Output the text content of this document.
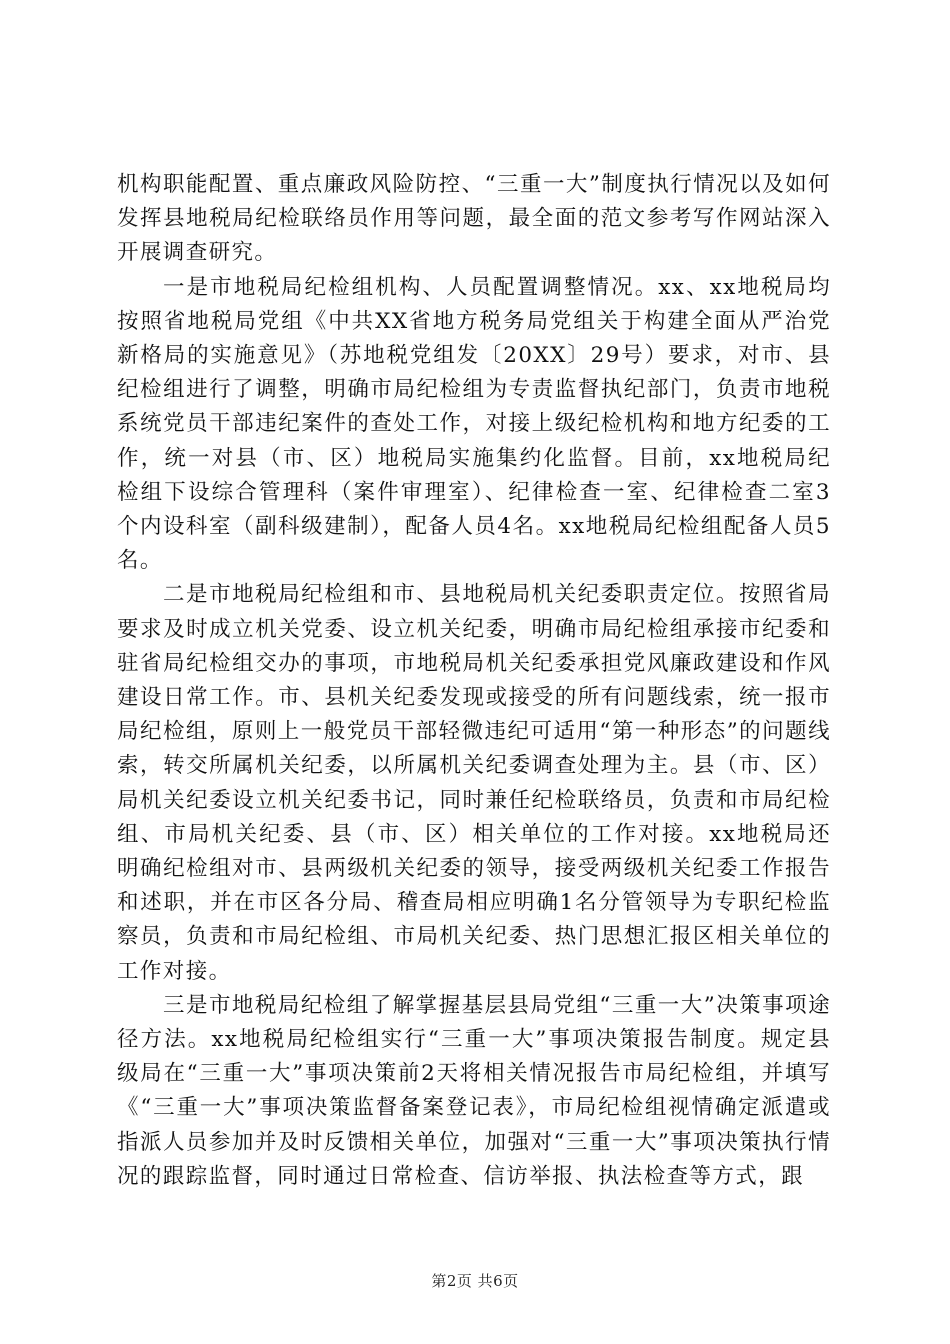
机构职能配置、重点廉政风险防控、“三重一大”制度执行情况以及如何发挥县地税局纪检联络员作用等问题，最全面的范文参考写作网站深入开展调查研究。

一是市地税局纪检组机构、人员配置调整情况。xx、xx地税局均按照省地税局党组《中共XX省地方税务局党组关于构建全面从严治党新格局的实施意见》（苏地税党组发〔20XX〕29号）要求，对市、县纪检组进行了调整，明确市局纪检组为专责监督执纪部门，负责市地税系统党员干部违纪案件的查处工作，对接上级纪检机构和地方纪委的工作，统一对县（市、区）地税局实施集约化监督。目前，xx地税局纪检组下设综合管理科（案件审理室）、纪律检查一室、纪律检查二室3个内设科室（副科级建制），配备人员4名。xx地税局纪检组配备人员5名。

二是市地税局纪检组和市、县地税局机关纪委职责定位。按照省局要求及时成立机关党委、设立机关纪委，明确市局纪检组承接市纪委和驻省局纪检组交办的事项，市地税局机关纪委承担党风廉政建设和作风建设日常工作。市、县机关纪委发现或接受的所有问题线索，统一报市局纪检组，原则上一般党员干部轻微违纪可适用“第一种形态”的问题线索，转交所属机关纪委，以所属机关纪委调查处理为主。县（市、区）局机关纪委设立机关纪委书记，同时兼任纪检联络员，负责和市局纪检组、市局机关纪委、县（市、区）相关单位的工作对接。xx地税局还明确纪检组对市、县两级机关纪委的领导，接受两级机关纪委工作报告和述职，并在市区各分局、稽查局相应明确1名分管领导为专职纪检监察员，负责和市局纪检组、市局机关纪委、热门思想汇报区相关单位的工作对接。

三是市地税局纪检组了解掌握基层县局党组“三重一大”决策事项途径方法。xx地税局纪检组实行“三重一大”事项决策报告制度。规定县级局在“三重一大”事项决策前2天将相关情况报告市局纪检组，并填写《“三重一大”事项决策监督备案登记表》，市局纪检组视情确定派遣或指派人员参加并及时反馈相关单位，加强对“三重一大”事项决策执行情况的跟踪监督，同时通过日常检查、信访举报、执法检查等方式，跟

第2页 共6页
